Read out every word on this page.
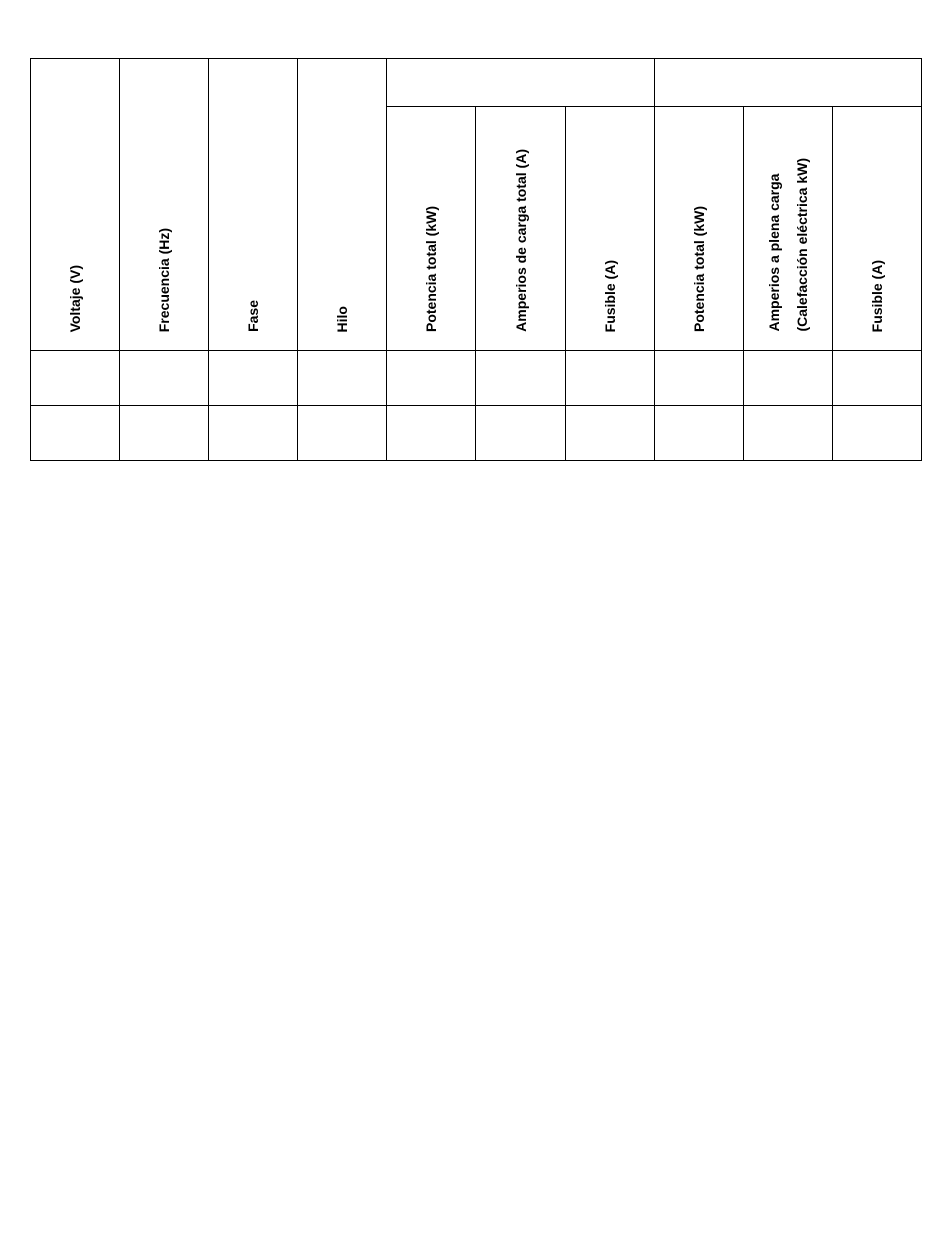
Voltaje (V)	Frecuencia (Hz)	Fase	Hilo						

				Potencia total (kW)	Amperios de carga total (A)	Fusible (A)	Potencia total (kW)	Amperios a plena carga (Calefacción eléctrica kW)	Fusible (A)
